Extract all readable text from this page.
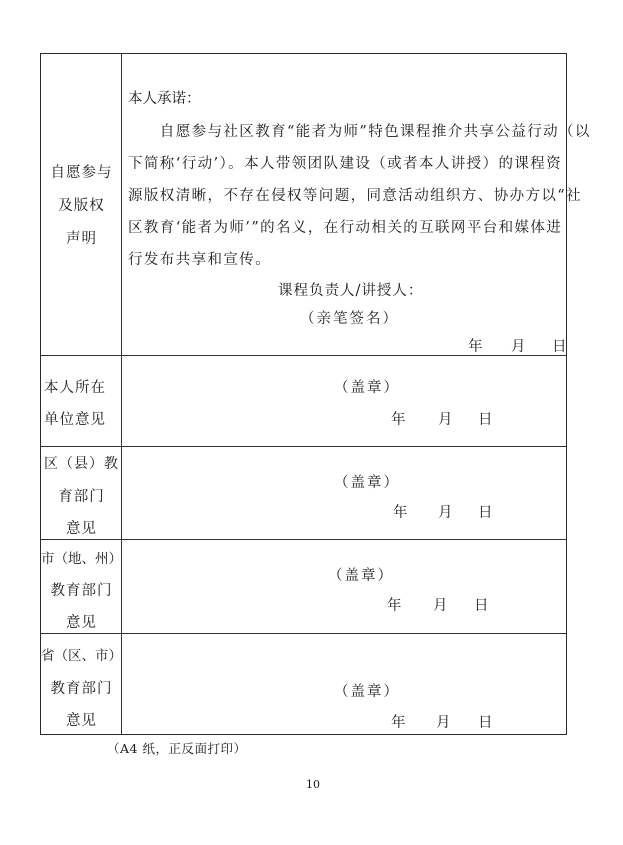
自愿参与
及版权
声明
本人承诺：
　　自愿参与社区教育“能者为师”特色课程推介共享公益行动（以
下简称‘行动’）。本人带领团队建设（或者本人讲授）的课程资
源版权清晰，不存在侵权等问题，同意活动组织方、协办方以“社
区教育‘能者为师’”的名义，在行动相关的互联网平台和媒体进
行发布共享和宣传。
课程负责人/讲授人：
（亲笔签名）
年 月 日
本人所在
单位意见
（盖章）
年 月 日
区（县）教
育部门
意见
（盖章）
年 月 日
市（地、州）
教育部门
意见
（盖章）
年 月 日
省（区、市）
教育部门
意见
（盖章）
年 月 日
（A4 纸，正反面打印）
10
